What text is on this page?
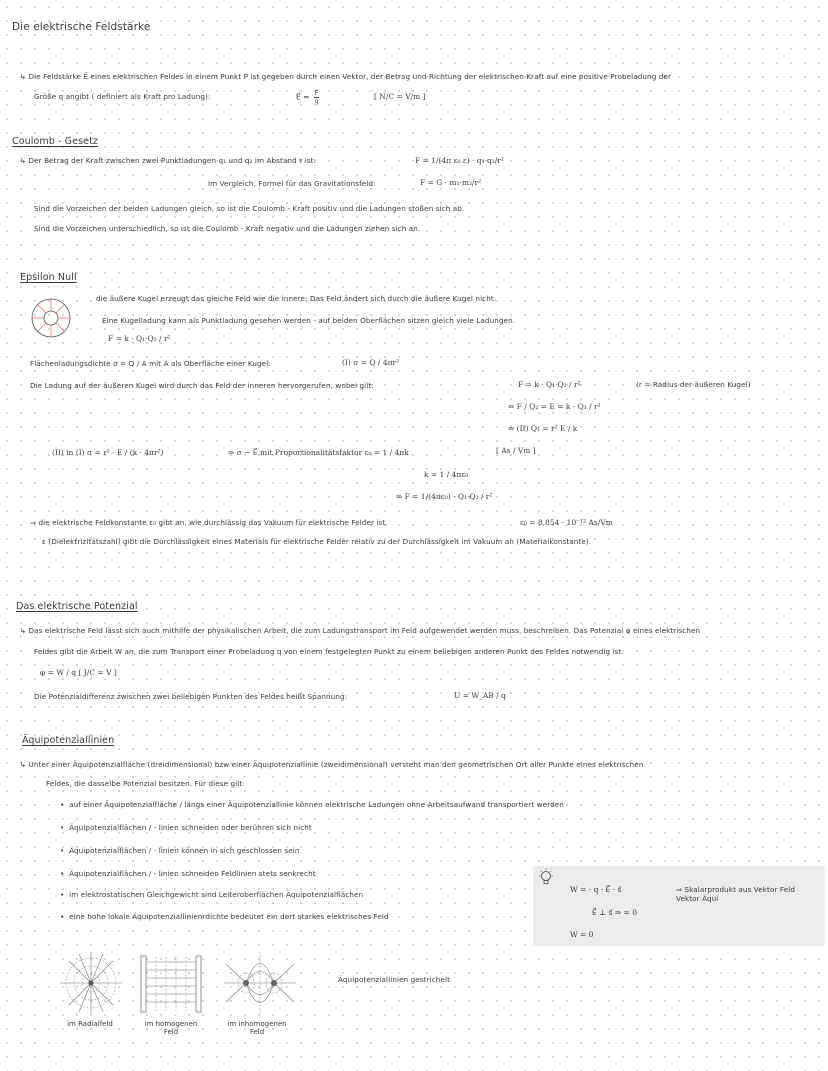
Die elektrische Feldstärke
↳ Die Feldstärke E⃗ eines elektrischen Feldes in einem Punkt P ist gegeben durch einen Vektor, der Betrag und Richtung der elektrischen Kraft auf eine positive Probeladung der
Größe q angibt ( definiert als Kraft pro Ladung):	E⃗ = $\frac{F⃗}{q}$	[ N/C = V/m ]
Coulomb - Gesetz
↳ Der Betrag der Kraft zwischen zwei Punktladungen q₁ und q₂ im Abstand r ist:	F = 1/(4π ε₀ ε) · q₁·q₂/r²
im Vergleich, Formel für das Gravitationsfeld:	F = G · m₁·m₂/r²
Sind die Vorzeichen der beiden Ladungen gleich, so ist die Coulomb - Kraft positiv und die Ladungen stoßen sich ab.
Sind die Vorzeichen unterschiedlich, so ist die Coulomb - Kraft negativ und die Ladungen ziehen sich an.
Epsilon Null
die äußere Kugel erzeugt das gleiche Feld wie die innere; Das Feld ändert sich durch die äußere Kugel nicht.
Eine Kugelladung kann als Punktladung gesehen werden - auf beiden Oberflächen sitzen gleich viele Ladungen.
F = k · Q₁·Q₂ / r²
Flächenladungsdichte σ = Q / A mit A als Oberfläche einer Kugel:	(I) σ = Q / 4πr²
Die Ladung auf der äußeren Kugel wird durch das Feld der inneren hervorgerufen, wobei gilt:	F = k · Q₁·Q₂ / r²	(r = Radius der äußeren Kugel)
⇔ F / Q₂ = E = k · Q₁ / r²
⇔ (II) Q₁ = r² E / k
(II) in (I) σ = r² · E / (k · 4πr²)	⇒ σ ~ E⃗ mit Proportionalitätsfaktor ε₀ = 1 / 4πk	[ As / Vm ]
k = 1 / 4πε₀
⇒ F = 1/(4πε₀) · Q₁·Q₂ / r²
⇒ die elektrische Feldkonstante ε₀ gibt an, wie durchlässig das Vakuum für elektrische Felder ist.	ε₀ = 8,854 · 10⁻¹² As/Vm
ε (Dielektrizitätszahl) gibt die Durchlässigkeit eines Materials für elektrische Felder relativ zu der Durchlässigkeit im Vakuum an (Materialkonstante).
Das elektrische Potenzial
↳ Das elektrische Feld lässt sich auch mithilfe der physikalischen Arbeit, die zum Ladungstransport im Feld aufgewendet werden muss, beschreiben. Das Potenzial φ eines elektrischen
Feldes gibt die Arbeit W an, die zum Transport einer Probeladung q von einem festgelegten Punkt zu einem beliebigen anderen Punkt des Feldes notwendig ist.
φ = W / q [ J/C = V ]
Die Potenzialdifferenz zwischen zwei beliebigen Punkten des Feldes heißt Spannung:	U = W_AB / q
Äquipotenziallinien
↳ Unter einer Äquipotenzialfläche (dreidimensional) bzw einer Äquipotenziallinie (zweidimensional) versteht man den geometrischen Ort aller Punkte eines elektrischen
Feldes, die dasselbe Potenzial besitzen. Für diese gilt:
•  auf einer Äquipotenzialfläche / längs einer Äquipotenziallinie können elektrische Ladungen ohne Arbeitsaufwand transportiert werden
•  Äquipotenzialflächen / - linien schneiden oder berühren sich nicht
•  Äquipotenzialflächen / - linien können in sich geschlossen sein
•  Äquipotenzialflächen / - linien schneiden Feldlinien stets senkrecht
•  im elektrostatischen Gleichgewicht sind Leiteroberflächen Äquipotenzialflächen
•  eine hohe lokale Äquipotenziallinienrdichte bedeutet ein dort starkes elektrisches Feld
W = - q · E⃗ · s⃗	⇒ Skalarprodukt aus Vektor Feld Vektor Äqui
E⃗ ⊥ s⃗ ⇒ = 0
W = 0
Äquipotenziallinien gestrichelt
im Radialfeld	im homogenen Feld
im inhomogenen Feld
